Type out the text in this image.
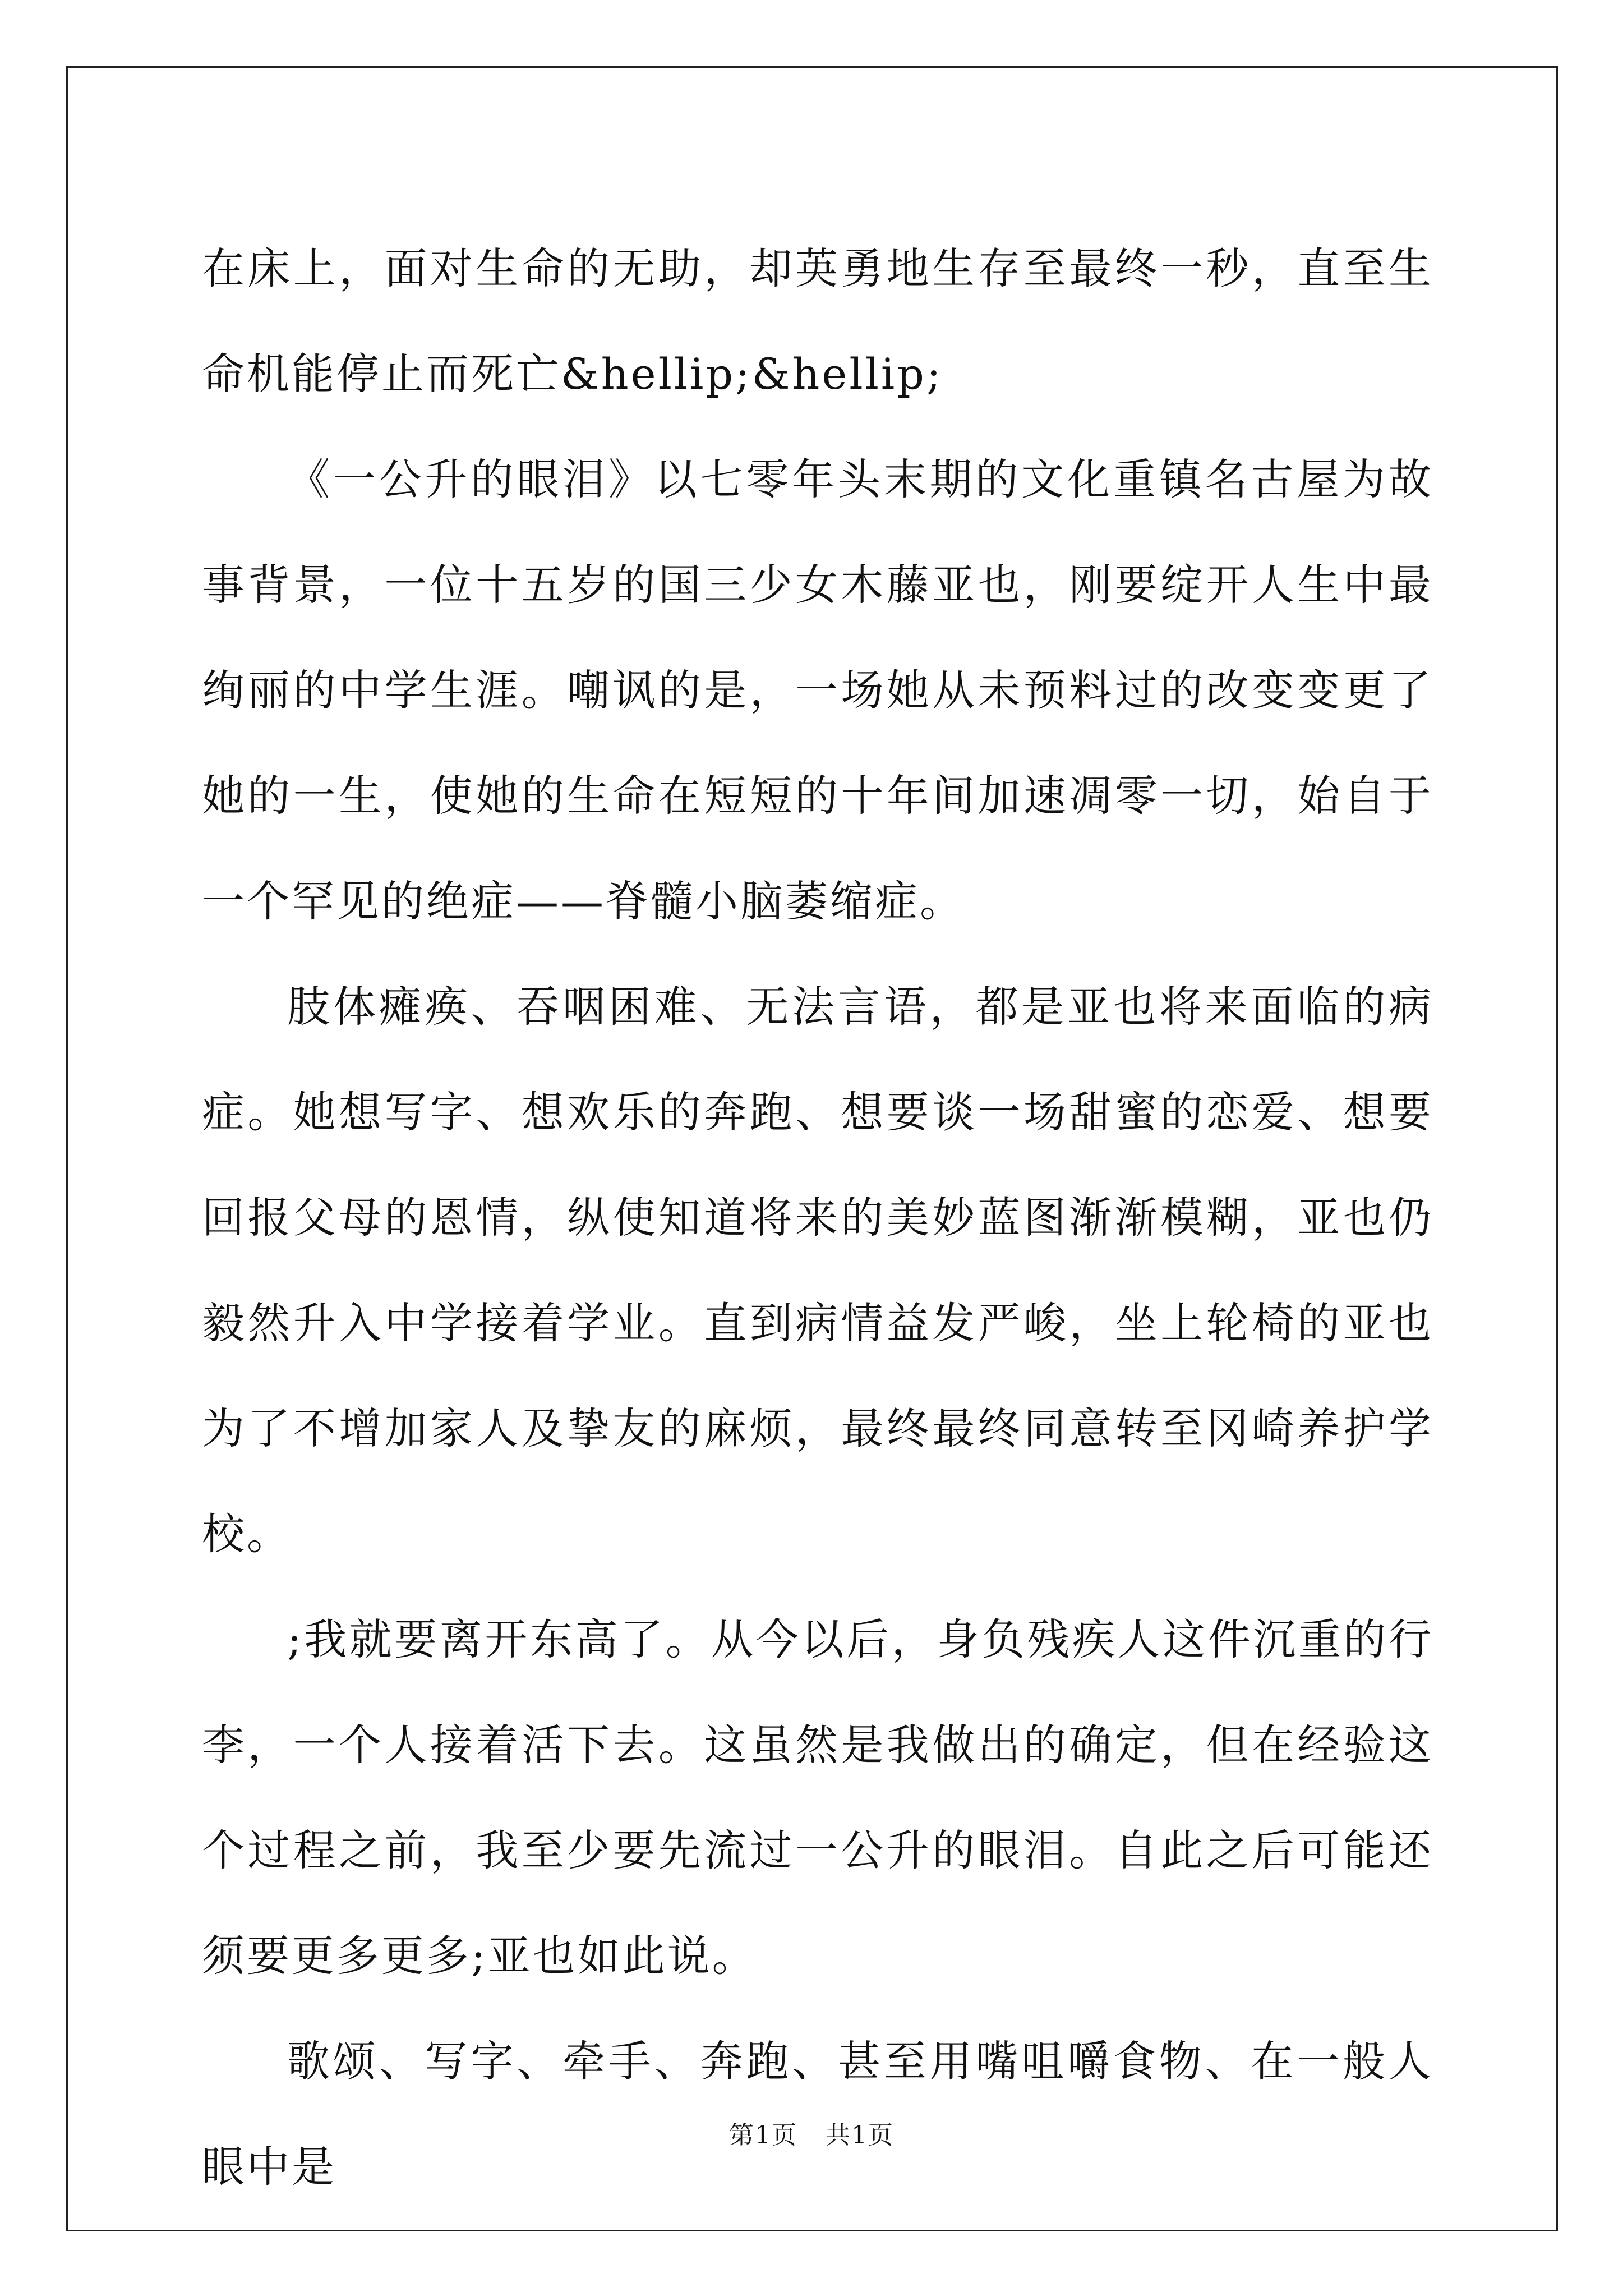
在床上，面对生命的无助，却英勇地生存至最终一秒，直至生命机能停止而死亡&hellip;&hellip;

《一公升的眼泪》以七零年头末期的文化重镇名古屋为故事背景，一位十五岁的国三少女木藤亚也，刚要绽开人生中最绚丽的中学生涯。嘲讽的是，一场她从未预料过的改变变更了她的一生，使她的生命在短短的十年间加速凋零一切，始自于一个罕见的绝症——脊髓小脑萎缩症。

肢体瘫痪、吞咽困难、无法言语，都是亚也将来面临的病症。她想写字、想欢乐的奔跑、想要谈一场甜蜜的恋爱、想要回报父母的恩情，纵使知道将来的美妙蓝图渐渐模糊，亚也仍毅然升入中学接着学业。直到病情益发严峻，坐上轮椅的亚也为了不增加家人及挚友的麻烦，最终最终同意转至冈崎养护学校。

;我就要离开东高了。从今以后，身负残疾人这件沉重的行李，一个人接着活下去。这虽然是我做出的确定，但在经验这个过程之前，我至少要先流过一公升的眼泪。自此之后可能还须要更多更多;亚也如此说。

歌颂、写字、牵手、奔跑、甚至用嘴咀嚼食物、在一般人眼中是

第1页 共1页
